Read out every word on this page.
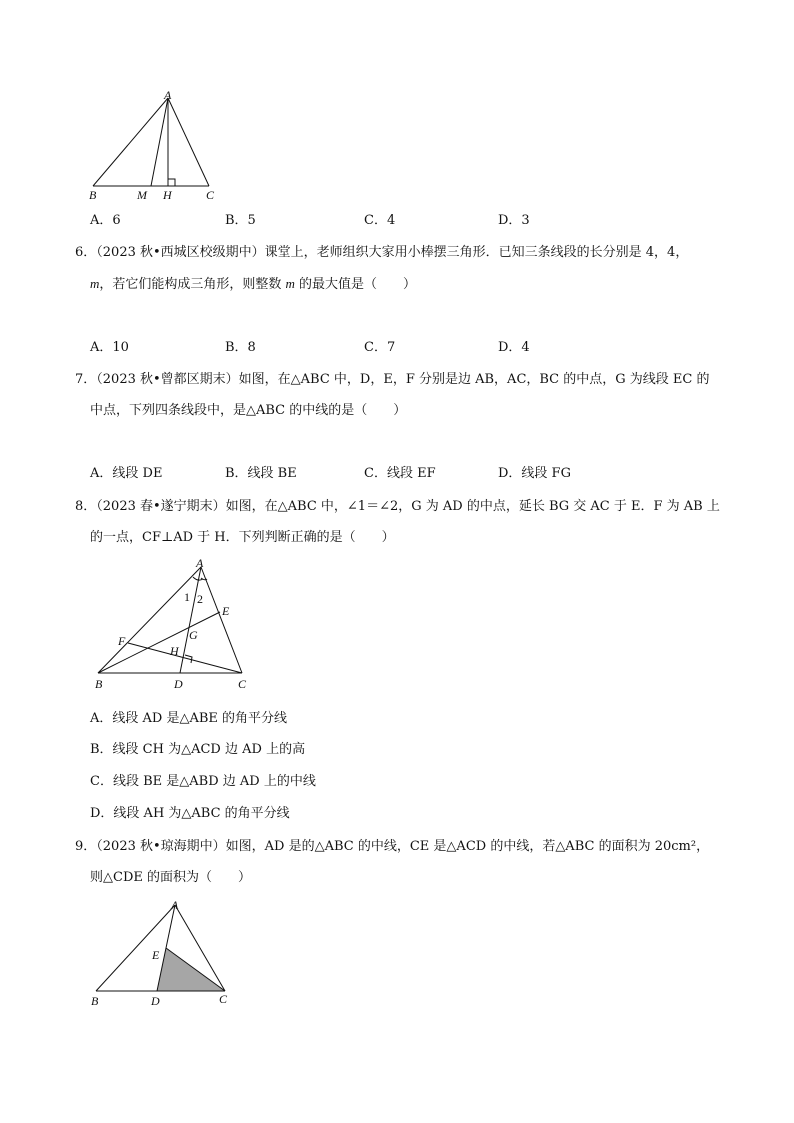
A
B	M H	C
A．6	B．5	C．4	D．3
6．（2023 秋•西城区校级期中）课堂上，老师组织大家用小棒摆三角形．已知三条线段的长分别是 4，4，
m，若它们能构成三角形，则整数 m 的最大值是（　　）
A．10	B．8	C．7	D．4
7．（2023 秋•曾都区期末）如图，在△ABC 中，D，E，F 分别是边 AB，AC，BC 的中点，G 为线段 EC 的
中点，下列四条线段中，是△ABC 的中线的是（　　）
A．线段 DE	B．线段 BE	C．线段 EF	D．线段 FG
8．（2023 春•遂宁期末）如图，在△ABC 中，∠1＝∠2，G 为 AD 的中点，延长 BG 交 AC 于 E．F 为 AB 上
的一点，CF⊥AD 于 H．下列判断正确的是（　　）
A
1 2
E
G
F
H
B	D	C
A．线段 AD 是△ABE 的角平分线
B．线段 CH 为△ACD 边 AD 上的高
C．线段 BE 是△ABD 边 AD 上的中线
D．线段 AH 为△ABC 的角平分线
9．（2023 秋•琼海期中）如图，AD 是的△ABC 的中线，CE 是△ACD 的中线，若△ABC 的面积为 20cm²，
则△CDE 的面积为（　　）
A
E
B	D	C
